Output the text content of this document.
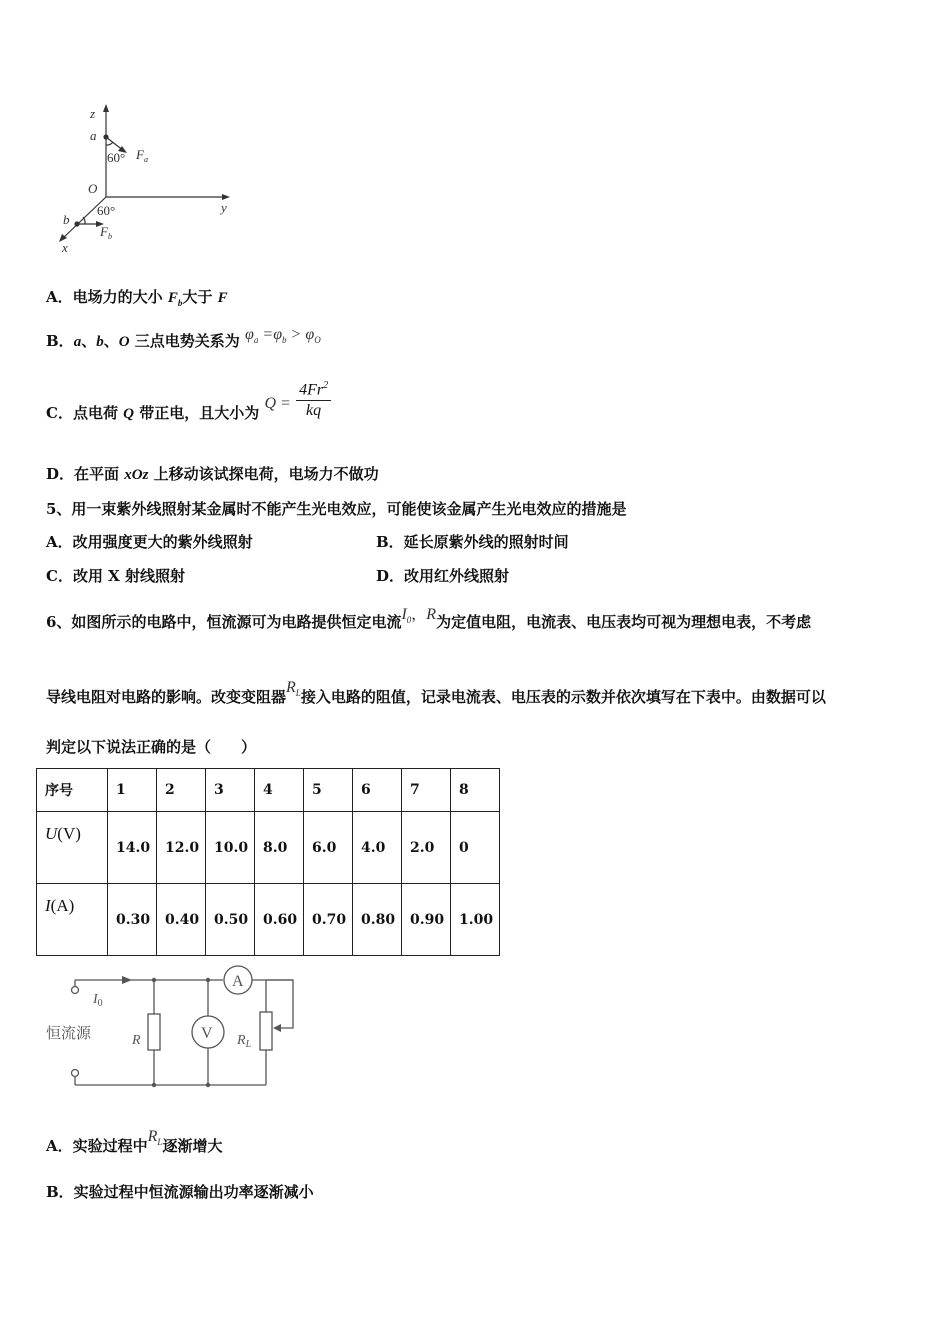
z
a
60° $F_a$
O
y
b
60°
$F_b$
x
A．电场力的大小 $F_b$大于 F
B．a、b、O 三点电势关系为 $\varphi_a =\varphi_b > \varphi_O$
C．点电荷 Q 带正电，且大小为 $Q = \frac{4Fr^2}{kq}$
D．在平面 xOz 上移动该试探电荷，电场力不做功
5、用一束紫外线照射某金属时不能产生光电效应，可能使该金属产生光电效应的措施是
A．改用强度更大的紫外线照射	B．延长原紫外线的照射时间
C．改用 X 射线照射	D．改用红外线照射
6、如图所示的电路中，恒流源可为电路提供恒定电流$I_0$，R为定值电阻，电流表、电压表均可视为理想电表，不考虑
导线电阻对电路的影响。改变变阻器$R_L$接入电路的阻值，记录电流表、电压表的示数并依次填写在下表中。由数据可以
判定以下说法正确的是（　　）
序号	1	2	3	4	5	6	7	8
U(V)	14.0	12.0	10.0	8.0	6.0	4.0	2.0	0
I(A)	0.30	0.40	0.50	0.60	0.70	0.80	0.90	1.00
$I_0$
恒流源	R	V
A
$R_L$
A．实验过程中$R_L$逐渐增大
B．实验过程中恒流源输出功率逐渐减小
